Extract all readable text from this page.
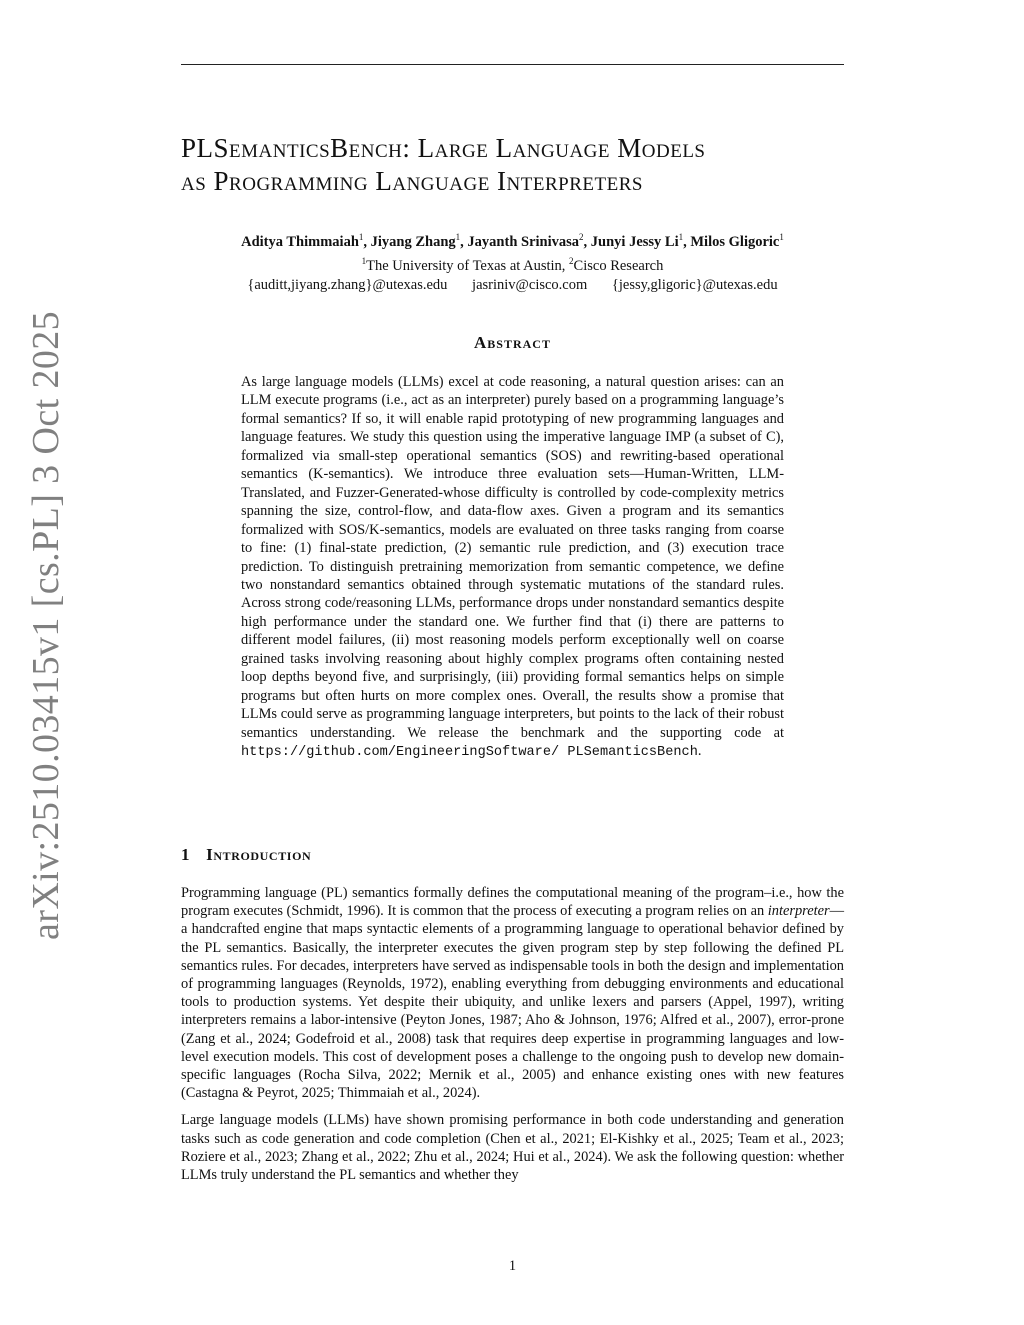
arXiv:2510.03415v1 [cs.PL] 3 Oct 2025
PLSemanticsBench: Large Language Models
as Programming Language Interpreters
Aditya Thimmaiah$^1$, Jiyang Zhang$^1$, Jayanth Srinivasa$^2$, Junyi Jessy Li$^1$, Milos Gligoric$^1$
$^1$The University of Texas at Austin, $^2$Cisco Research
{auditt,jiyang.zhang}@utexas.edu jasriniv@cisco.com {jessy,gligoric}@utexas.edu
Abstract
As large language models (LLMs) excel at code reasoning, a natural question arises: can an LLM execute programs (i.e., act as an interpreter) purely based on a programming language’s formal semantics? If so, it will enable rapid prototyping of new programming languages and language features. We study this question using the imperative language IMP (a subset of C), formalized via small-step operational semantics (SOS) and rewriting-based operational semantics (K-semantics). We introduce three evaluation sets—Human-Written, LLM-Translated, and Fuzzer-Generated-whose difficulty is controlled by code-complexity metrics spanning the size, control-flow, and data-flow axes. Given a program and its semantics formalized with SOS/K-semantics, models are evaluated on three tasks ranging from coarse to fine: (1) final-state prediction, (2) semantic rule prediction, and (3) execution trace prediction. To distinguish pretraining memorization from semantic competence, we define two nonstandard semantics obtained through systematic mutations of the standard rules. Across strong code/reasoning LLMs, performance drops under nonstandard semantics despite high performance under the standard one. We further find that (i) there are patterns to different model failures, (ii) most reasoning models perform exceptionally well on coarse grained tasks involving reasoning about highly complex programs often containing nested loop depths beyond five, and surprisingly, (iii) providing formal semantics helps on simple programs but often hurts on more complex ones. Overall, the results show a promise that LLMs could serve as programming language interpreters, but points to the lack of their robust semantics understanding. We release the benchmark and the supporting code at https://github.com/EngineeringSoftware/ PLSemanticsBench.
1 Introduction

Programming language (PL) semantics formally defines the computational meaning of the program–i.e., how the program executes (Schmidt, 1996). It is common that the process of executing a program relies on an interpreter—a handcrafted engine that maps syntactic elements of a programming language to operational behavior defined by the PL semantics. Basically, the interpreter executes the given program step by step following the defined PL semantics rules. For decades, interpreters have served as indispensable tools in both the design and implementation of programming languages (Reynolds, 1972), enabling everything from debugging environments and educational tools to production systems. Yet despite their ubiquity, and unlike lexers and parsers (Appel, 1997), writing interpreters remains a labor-intensive (Peyton Jones, 1987; Aho & Johnson, 1976; Alfred et al., 2007), error-prone (Zang et al., 2024; Godefroid et al., 2008) task that requires deep expertise in programming languages and low-level execution models. This cost of development poses a challenge to the ongoing push to develop new domain-specific languages (Rocha Silva, 2022; Mernik et al., 2005) and enhance existing ones with new features (Castagna & Peyrot, 2025; Thimmaiah et al., 2024).

Large language models (LLMs) have shown promising performance in both code understanding and generation tasks such as code generation and code completion (Chen et al., 2021; El-Kishky et al., 2025; Team et al., 2023; Roziere et al., 2023; Zhang et al., 2022; Zhu et al., 2024; Hui et al., 2024). We ask the following question: whether LLMs truly understand the PL semantics and whether they

1
